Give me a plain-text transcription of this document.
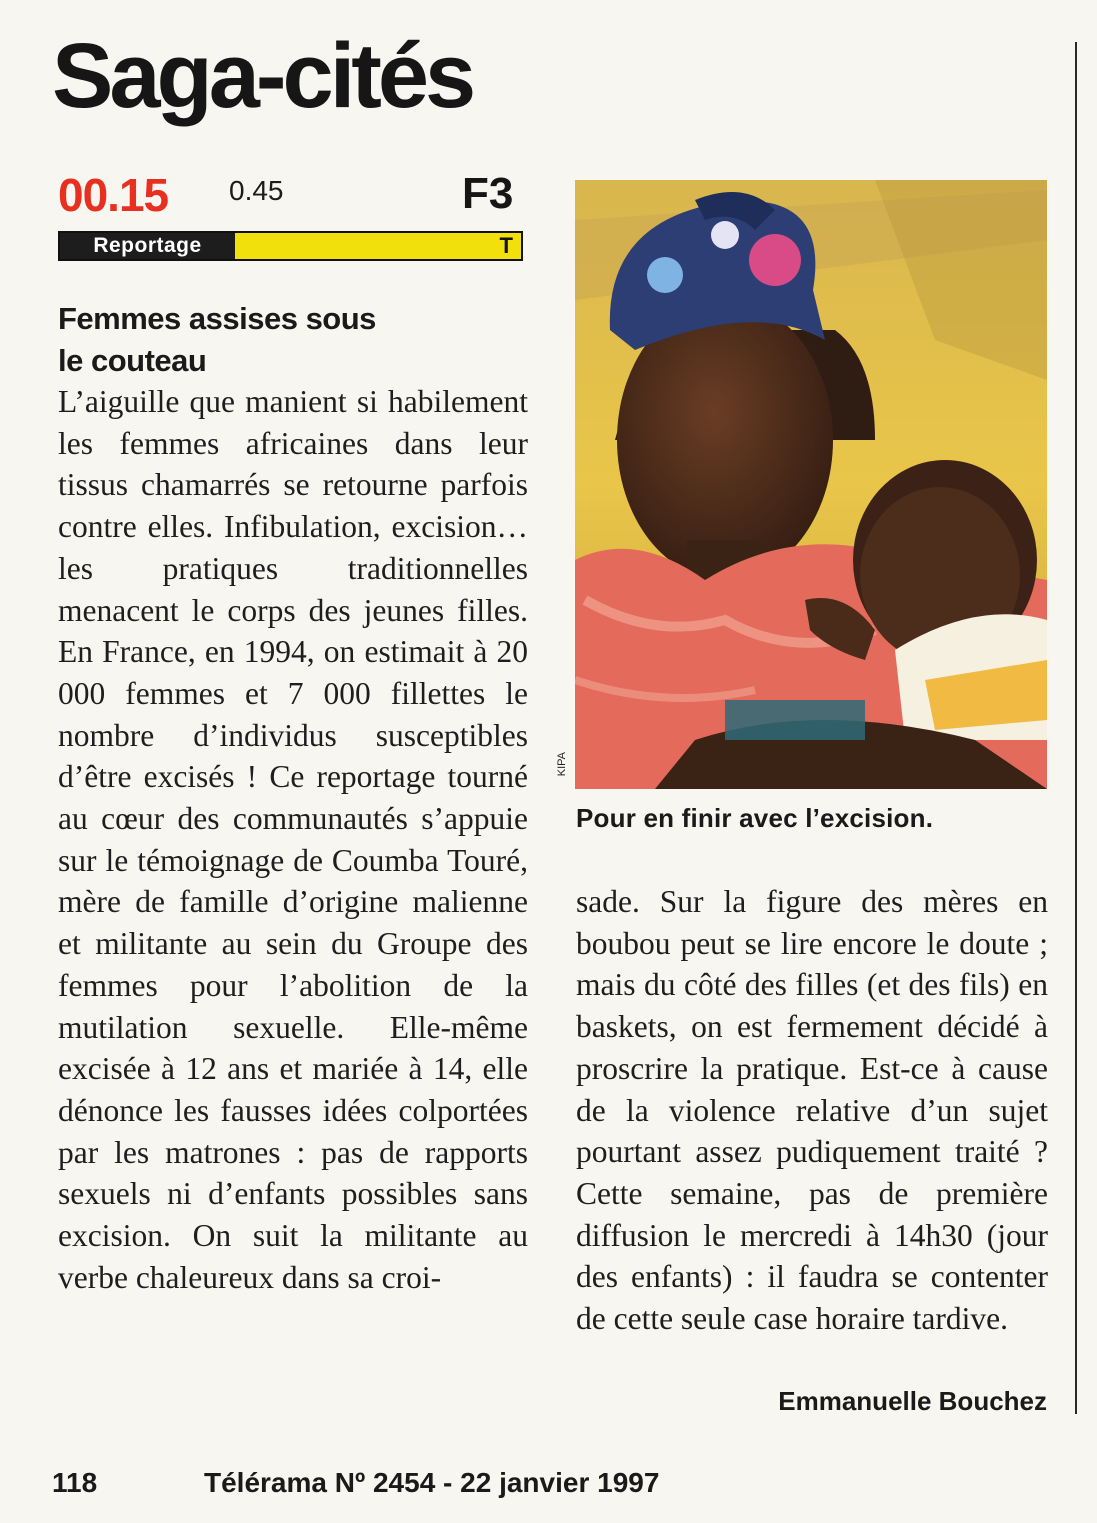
Saga-cités
00.15 0.45	F3
Reportage	T
Femmes assises sous le couteau

L’aiguille que manient si habilement les femmes africaines dans leur tissus chamarrés se retourne parfois contre elles. Infibulation, excision… les pratiques traditionnelles menacent le corps des jeunes filles. En France, en 1994, on estimait à 20 000 femmes et 7 000 fillettes le nombre d’individus susceptibles d’être excisés ! Ce reportage tourné au cœur des communautés s’appuie sur le témoignage de Coumba Touré, mère de famille d’origine malienne et militante au sein du Groupe des femmes pour l’abolition de la mutilation sexuelle. Elle-même excisée à 12 ans et mariée à 14, elle dénonce les fausses idées colportées par les matrones : pas de rapports sexuels ni d’enfants possibles sans excision. On suit la militante au verbe chaleureux dans sa croi-

KIPA
Pour en finir avec l’excision.

sade. Sur la figure des mères en boubou peut se lire encore le doute ; mais du côté des filles (et des fils) en baskets, on est fermement décidé à proscrire la pratique. Est-ce à cause de la violence relative d’un sujet pourtant assez pudiquement traité ? Cette semaine, pas de première diffusion le mercredi à 14h30 (jour des enfants) : il faudra se contenter de cette seule case horaire tardive.

Emmanuelle Bouchez
118	Télérama Nº 2454 - 22 janvier 1997
